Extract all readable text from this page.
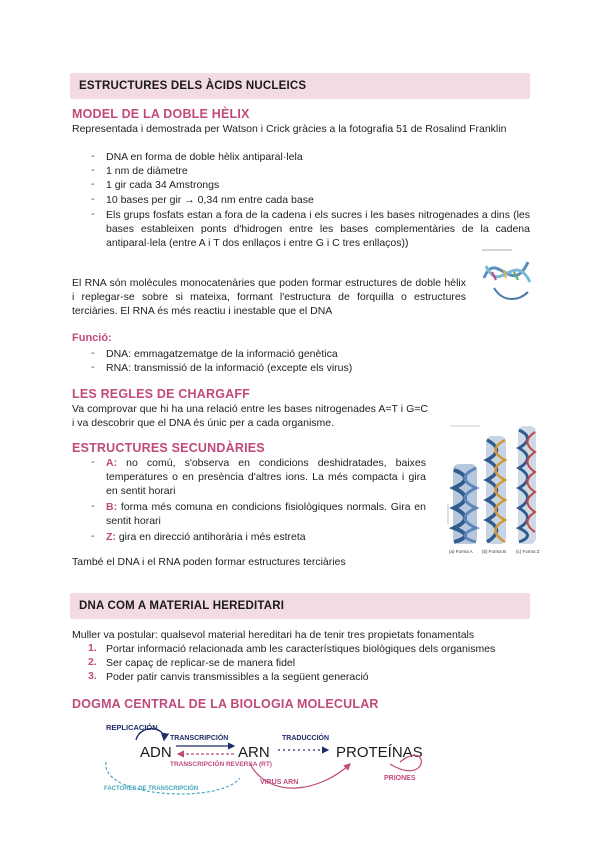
ESTRUCTURES DELS ÀCIDS NUCLEICS
MODEL DE LA DOBLE HÈLIX
Representada i demostrada per Watson i Crick gràcies a la fotografia 51 de Rosalind Franklin
- DNA en forma de doble hèlix antiparal·lela
- 1 nm de diàmetre
- 1 gir cada 34 Amstrongs
- 10 bases per gir → 0,34 nm entre cada base
- Els grups fosfats estan a fora de la cadena i els sucres i les bases nitrogenades a dins (les bases estableixen ponts d'hidrogen entre les bases complementàries de la cadena antiparal·lela (entre A i T dos enllaços i entre G i C tres enllaços))
El RNA són molècules monocatenàries que poden formar estructures de doble hèlix i replegar-se sobre si mateixa, formant l'estructura de forquilla o estructures terciàries. El RNA és més reactiu i inestable que el DNA
Funció:
- DNA: emmagatzematge de la informació genètica
- RNA: transmissió de la informació (excepte els virus)
LES REGLES DE CHARGAFF
Va comprovar que hi ha una relació entre les bases nitrogenades A=T i G=C i va descobrir que el DNA és únic per a cada organisme.
ESTRUCTURES SECUNDÀRIES
- A: no comú, s'observa en condicions deshidratades, baixes temperatures o en presència d'altres ions. La més compacta i gira en sentit horari
- B: forma més comuna en condicions fisiològiques normals. Gira en sentit horari
- Z: gira en direcció antihorària i més estreta
També el DNA i el RNA poden formar estructures terciàries
(a) Forma A (b) Forma B (c) Forma Z
DNA COM A MATERIAL HEREDITARI
Muller va postular: qualsevol material hereditari ha de tenir tres propietats fonamentals
1. Portar informació relacionada amb les característiques biològiques dels organismes
2. Ser capaç de replicar-se de manera fidel
3. Poder patir canvis transmissibles a la següent generació
DOGMA CENTRAL DE LA BIOLOGIA MOLECULAR
REPLICACIÓN
ADN	ARN	PROTEÍNAS
TRANSCRIPCIÓN
TRANSCRIPCIÓN REVERSA (RT)
TRADUCCIÓN
VIRUS ARN
FACTORES DE TRANSCRIPCIÓN
PRIONES
